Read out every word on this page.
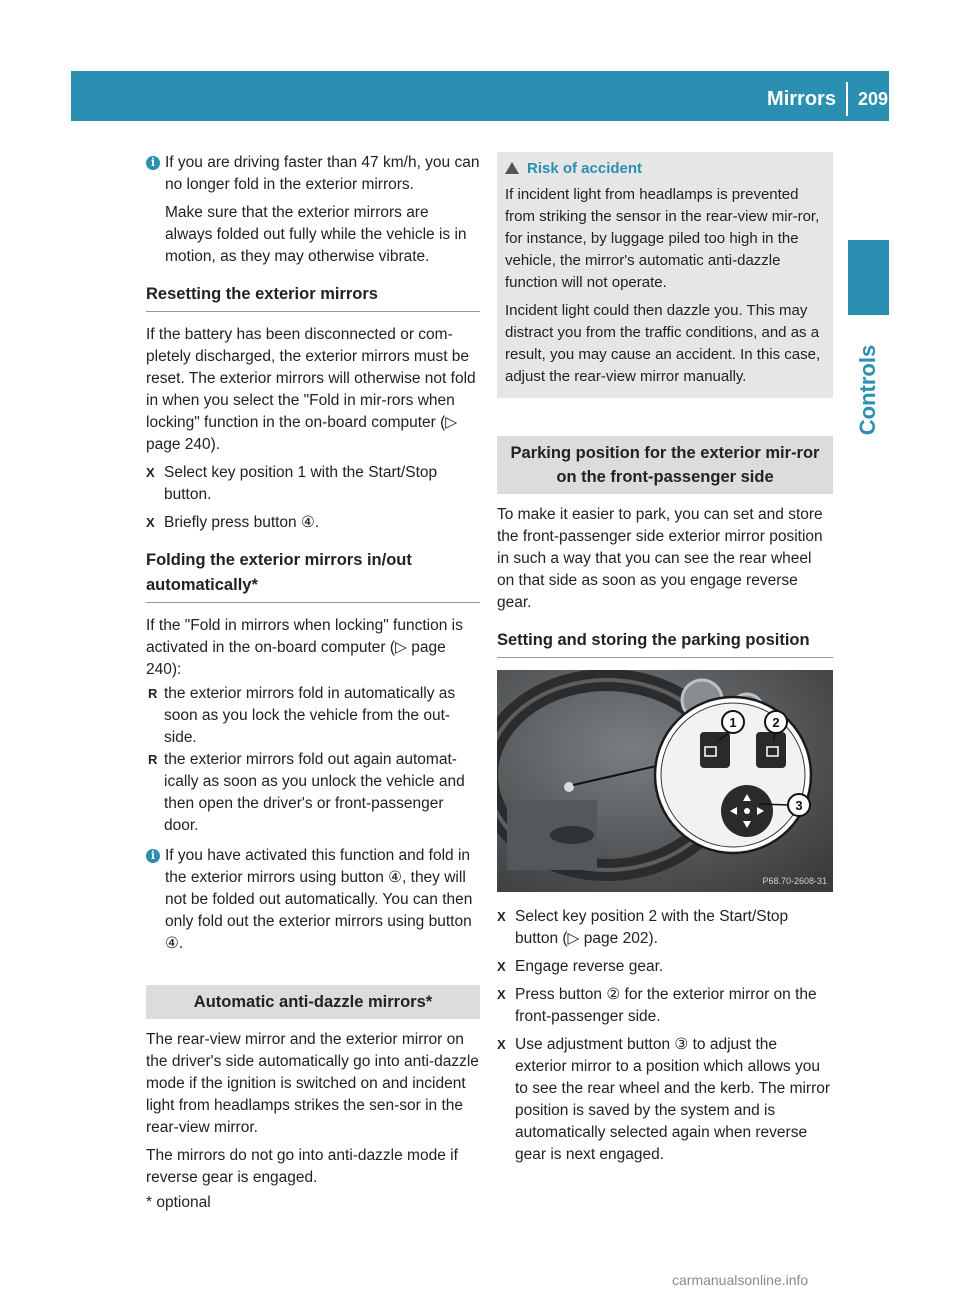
Mirrors 209
Controls
i If you are driving faster than 47 km/h, you can no longer fold in the exterior mirrors.

Make sure that the exterior mirrors are always folded out fully while the vehicle is in motion, as they may otherwise vibrate.

Resetting the exterior mirrors

If the battery has been disconnected or com-pletely discharged, the exterior mirrors must be reset. The exterior mirrors will otherwise not fold in when you select the "Fold in mir-rors when locking" function in the on-board computer (▷ page 240).

X Select key position 1 with the Start/Stop button.
X Briefly press button ④.
Folding the exterior mirrors in/out automatically*

If the "Fold in mirrors when locking" function is activated in the on-board computer (▷ page 240):

R the exterior mirrors fold in automatically as soon as you lock the vehicle from the out-side.
R the exterior mirrors fold out again automat-ically as soon as you unlock the vehicle and then open the driver's or front-passenger door.
i If you have activated this function and fold in the exterior mirrors using button ④, they will not be folded out automatically. You can then only fold out the exterior mirrors using button ④.

Automatic anti-dazzle mirrors*

The rear-view mirror and the exterior mirror on the driver's side automatically go into anti-dazzle mode if the ignition is switched on and incident light from headlamps strikes the sen-sor in the rear-view mirror.

The mirrors do not go into anti-dazzle mode if reverse gear is engaged.

Risk of accident

If incident light from headlamps is prevented from striking the sensor in the rear-view mir-ror, for instance, by luggage piled too high in the vehicle, the mirror's automatic anti-dazzle function will not operate.

Incident light could then dazzle you. This may distract you from the traffic conditions, and as a result, you may cause an accident. In this case, adjust the rear-view mirror manually.

Parking position for the exterior mir-ror on the front-passenger side

To make it easier to park, you can set and store the front-passenger side exterior mirror position in such a way that you can see the rear wheel on that side as soon as you engage reverse gear.

Setting and storing the parking position
1	2
3
P68.70-2608-31
X Select key position 2 with the Start/Stop button (▷ page 202).
X Engage reverse gear.
X Press button ② for the exterior mirror on the front-passenger side.
X Use adjustment button ③ to adjust the exterior mirror to a position which allows you to see the rear wheel and the kerb. The mirror position is saved by the system and is automatically selected again when reverse gear is next engaged.
* optional
carmanualsonline.info
